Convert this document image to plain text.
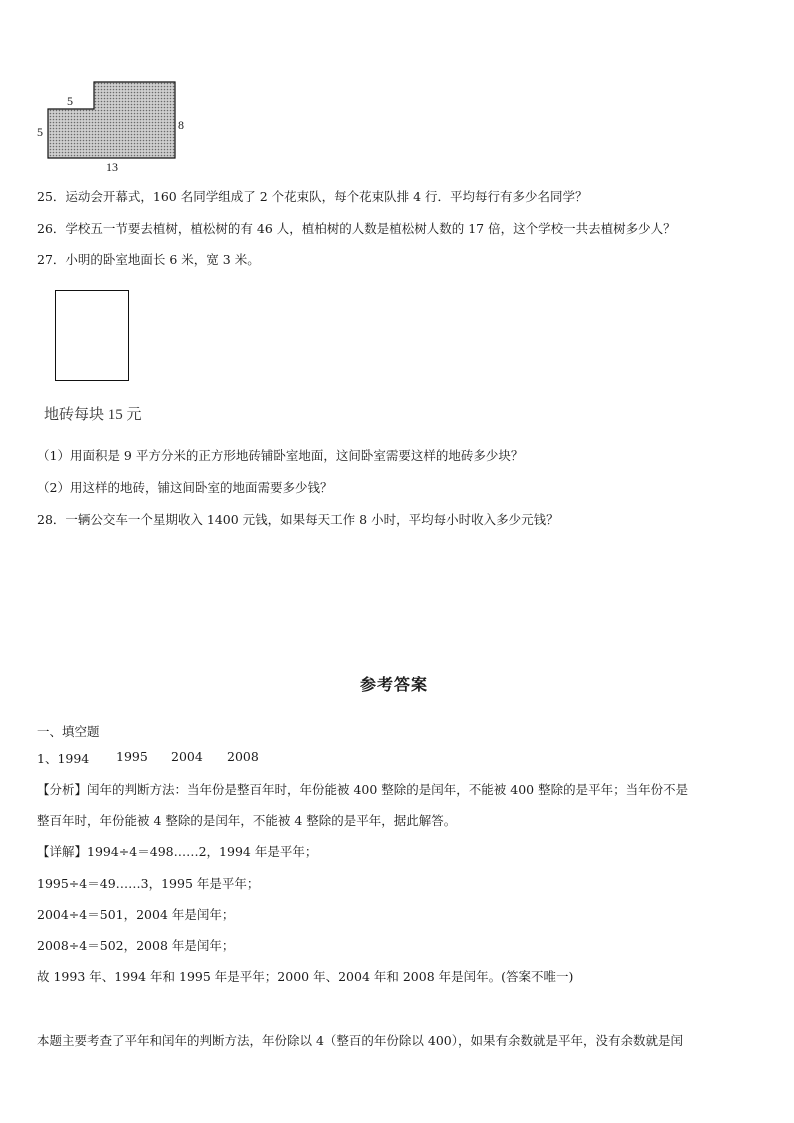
5
5	8
13
25．运动会开幕式，160 名同学组成了 2 个花束队，每个花束队排 4 行．平均每行有多少名同学？
26．学校五一节要去植树，植松树的有 46 人，植柏树的人数是植松树人数的 17 倍，这个学校一共去植树多少人？
27．小明的卧室地面长 6 米，宽 3 米。
地砖每块 15 元
（1）用面积是 9 平方分米的正方形地砖铺卧室地面，这间卧室需要这样的地砖多少块？
（2）用这样的地砖，铺这间卧室的地面需要多少钱？
28．一辆公交车一个星期收入 1400 元钱，如果每天工作 8 小时，平均每小时收入多少元钱？
参考答案
一、填空题
1、1994 1995 2004 2008
【分析】闰年的判断方法：当年份是整百年时，年份能被 400 整除的是闰年，不能被 400 整除的是平年；当年份不是
整百年时，年份能被 4 整除的是闰年，不能被 4 整除的是平年，据此解答。
【详解】1994÷4＝498……2，1994 年是平年；
1995÷4＝49……3，1995 年是平年；
2004÷4＝501，2004 年是闰年；
2008÷4＝502，2008 年是闰年；
故 1993 年、1994 年和 1995 年是平年；2000 年、2004 年和 2008 年是闰年。(答案不唯一)
本题主要考查了平年和闰年的判断方法，年份除以 4（整百的年份除以 400），如果有余数就是平年，没有余数就是闰
